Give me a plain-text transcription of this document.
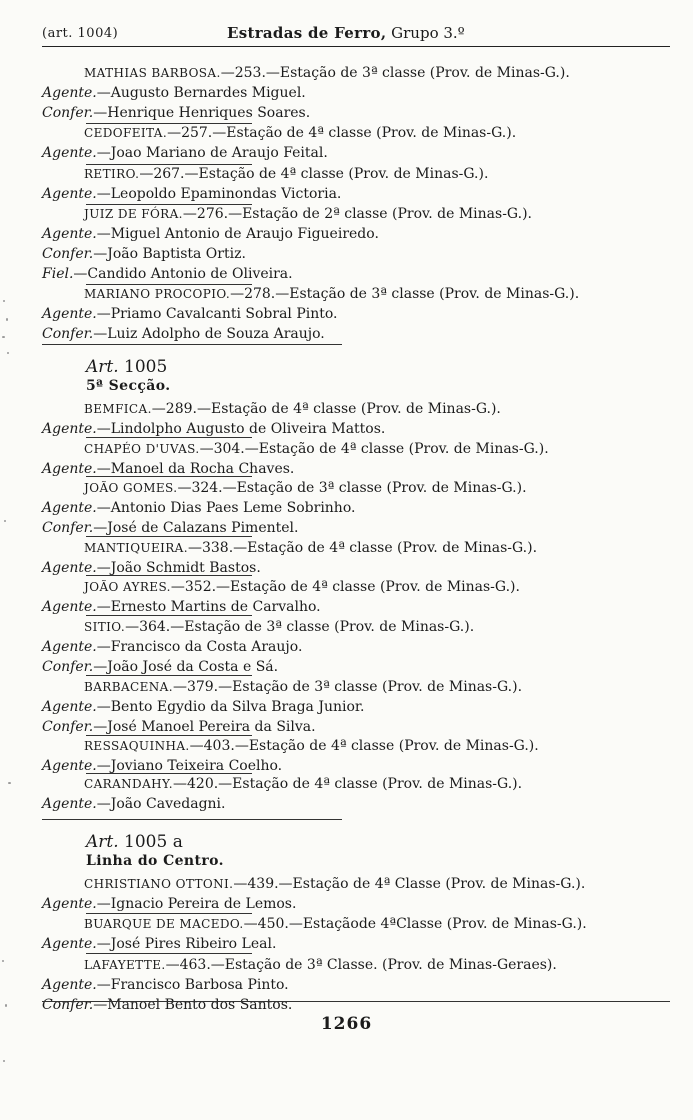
(art. 1004)	Estradas de Ferro, Grupo 3.º
MATHIAS BARBOSA.—253.—Estação de 3ª classe (Prov. de Minas-G.).
Agente.—Augusto Bernardes Miguel.
Confer.—Henrique Henriques Soares.
CEDOFEITA.—257.—Estação de 4ª classe (Prov. de Minas-G.).
Agente.—Joao Mariano de Araujo Feital.
RETIRO.—267.—Estação de 4ª classe (Prov. de Minas-G.).
Agente.—Leopoldo Epaminondas Victoria.
JUIZ DE FÓRA.—276.—Estação de 2ª classe (Prov. de Minas-G.).
Agente.—Miguel Antonio de Araujo Figueiredo.
Confer.—João Baptista Ortiz.
Fiel.—Candido Antonio de Oliveira.
MARIANO PROCOPIO.—278.—Estação de 3ª classe (Prov. de Minas-G.).
Agente.—Priamo Cavalcanti Sobral Pinto.
Confer.—Luiz Adolpho de Souza Araujo.
Art. 1005
5ª Secção.
BEMFICA.—289.—Estação de 4ª classe (Prov. de Minas-G.).
Agente.—Lindolpho Augusto de Oliveira Mattos.
CHAPÉO D'UVAS.—304.—Estação de 4ª classe (Prov. de Minas-G.).
Agente.—Manoel da Rocha Chaves.
JOÃO GOMES.—324.—Estação de 3ª classe (Prov. de Minas-G.).
Agente.—Antonio Dias Paes Leme Sobrinho.
Confer.—José de Calazans Pimentel.
MANTIQUEIRA.—338.—Estação de 4ª classe (Prov. de Minas-G.).
Agente.—João Schmidt Bastos.
JOÃO AYRES.—352.—Estação de 4ª classe (Prov. de Minas-G.).
Agente.—Ernesto Martins de Carvalho.
SITIO.—364.—Estação de 3ª classe (Prov. de Minas-G.).
Agente.—Francisco da Costa Araujo.
Confer.—João José da Costa e Sá.
BARBACENA.—379.—Estação de 3ª classe (Prov. de Minas-G.).
Agente.—Bento Egydio da Silva Braga Junior.
Confer.—José Manoel Pereira da Silva.
RESSAQUINHA.—403.—Estação de 4ª classe (Prov. de Minas-G.).
Agente.—Joviano Teixeira Coelho.
CARANDAHY.—420.—Estação de 4ª classe (Prov. de Minas-G.).
Agente.—João Cavedagni.
Art. 1005 a
Linha do Centro.
CHRISTIANO OTTONI.—439.—Estação de 4ª Classe (Prov. de Minas-G.).
Agente.—Ignacio Pereira de Lemos.
BUARQUE DE MACEDO.—450.—Estaçãode 4ªClasse (Prov. de Minas-G.).
Agente.—José Pires Ribeiro Leal.
LAFAYETTE.—463.—Estação de 3ª Classe. (Prov. de Minas-Geraes).
Agente.—Francisco Barbosa Pinto.
Confer.—Manoel Bento dos Santos.
1266
